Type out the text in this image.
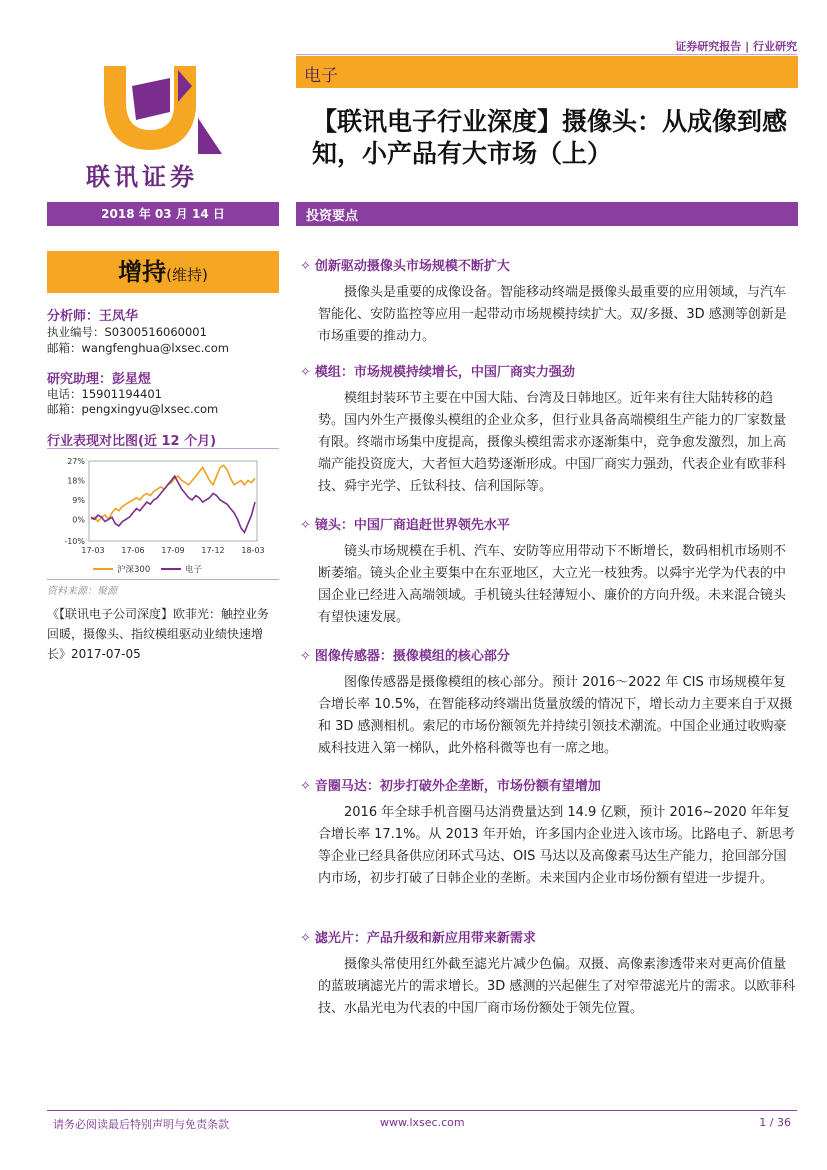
证券研究报告 | 行业研究
联讯证券
电子
【联讯电子行业深度】摄像头：从成像到感知，小产品有大市场（上）
2018 年 03 月 14 日
增持(维持)
分析师：王凤华
执业编号：S0300516060001
邮箱：wangfenghua@lxsec.com
研究助理：彭星煜
电话：15901194401
邮箱：pengxingyu@lxsec.com
行业表现对比图(近 12 个月)
27%
18%
9%
0%
-10%
17-03 17-06 17-09 17-12 18-03
沪深300	电子
资料来源：聚源
《【联讯电子公司深度】欧菲光：触控业务回暖，摄像头、指纹模组驱动业绩快速增长》2017-07-05
投资要点
✧ 创新驱动摄像头市场规模不断扩大

摄像头是重要的成像设备。智能移动终端是摄像头最重要的应用领域，与汽车智能化、安防监控等应用一起带动市场规模持续扩大。双/多摄、3D 感测等创新是市场重要的推动力。

✧ 模组：市场规模持续增长，中国厂商实力强劲

模组封装环节主要在中国大陆、台湾及日韩地区。近年来有往大陆转移的趋势。国内外生产摄像头模组的企业众多，但行业具备高端模组生产能力的厂家数量有限。终端市场集中度提高，摄像头模组需求亦逐渐集中，竞争愈发激烈，加上高端产能投资庞大，大者恒大趋势逐渐形成。中国厂商实力强劲，代表企业有欧菲科技、舜宇光学、丘钛科技、信利国际等。

✧ 镜头：中国厂商追赶世界领先水平

镜头市场规模在手机、汽车、安防等应用带动下不断增长，数码相机市场则不断萎缩。镜头企业主要集中在东亚地区，大立光一枝独秀。以舜宇光学为代表的中国企业已经进入高端领域。手机镜头往轻薄短小、廉价的方向升级。未来混合镜头有望快速发展。

✧ 图像传感器：摄像模组的核心部分

图像传感器是摄像模组的核心部分。预计 2016～2022 年 CIS 市场规模年复合增长率 10.5%，在智能移动终端出货量放缓的情况下，增长动力主要来自于双摄和 3D 感测相机。索尼的市场份额领先并持续引领技术潮流。中国企业通过收购豪威科技进入第一梯队，此外格科微等也有一席之地。

✧ 音圈马达：初步打破外企垄断，市场份额有望增加

2016 年全球手机音圈马达消费量达到 14.9 亿颗，预计 2016~2020 年年复合增长率 17.1%。从 2013 年开始，许多国内企业进入该市场。比路电子、新思考等企业已经具备供应闭环式马达、OIS 马达以及高像素马达生产能力，抢回部分国内市场，初步打破了日韩企业的垄断。未来国内企业市场份额有望进一步提升。

✧ 滤光片：产品升级和新应用带来新需求

摄像头常使用红外截至滤光片减少色偏。双摄、高像素渗透带来对更高价值量的蓝玻璃滤光片的需求增长。3D 感测的兴起催生了对窄带滤光片的需求。以欧菲科技、水晶光电为代表的中国厂商市场份额处于领先位置。

请务必阅读最后特别声明与免责条款	www.lxsec.com	1 / 36
